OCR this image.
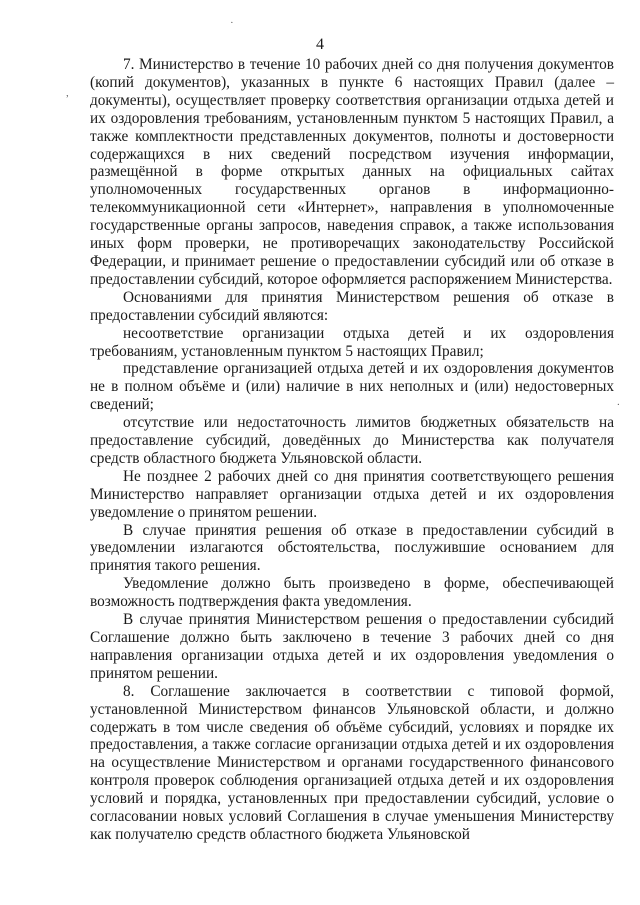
4
·
,
.

7. Министерство в течение 10 рабочих дней со дня получения документов (копий документов), указанных в пункте 6 настоящих Правил (далее – документы), осуществляет проверку соответствия организации отдыха детей и их оздоровления требованиям, установленным пунктом 5 настоящих Правил, а также комплектности представленных документов, полноты и достоверности содержащихся в них сведений посредством изучения информации, размещённой в форме открытых данных на официальных сайтах уполномоченных государственных органов в информационно-телекоммуникационной сети «Интернет», направления в уполномоченные государственные органы запросов, наведения справок, а также использования иных форм проверки, не противоречащих законодательству Российской Федерации, и принимает решение о предоставлении субсидий или об отказе в предоставлении субсидий, которое оформляется распоряжением Министерства.

Основаниями для принятия Министерством решения об отказе в предоставлении субсидий являются:

несоответствие организации отдыха детей и их оздоровления требованиям, установленным пунктом 5 настоящих Правил;

представление организацией отдыха детей и их оздоровления документов не в полном объёме и (или) наличие в них неполных и (или) недостоверных сведений;

отсутствие или недостаточность лимитов бюджетных обязательств на предоставление субсидий, доведённых до Министерства как получателя средств областного бюджета Ульяновской области.

Не позднее 2 рабочих дней со дня принятия соответствующего решения Министерство направляет организации отдыха детей и их оздоровления уведомление о принятом решении.

В случае принятия решения об отказе в предоставлении субсидий в уведомлении излагаются обстоятельства, послужившие основанием для принятия такого решения.

Уведомление должно быть произведено в форме, обеспечивающей возможность подтверждения факта уведомления.

В случае принятия Министерством решения о предоставлении субсидий Соглашение должно быть заключено в течение 3 рабочих дней со дня направления организации отдыха детей и их оздоровления уведомления о принятом решении.

8. Соглашение заключается в соответствии с типовой формой, установленной Министерством финансов Ульяновской области, и должно содержать в том числе сведения об объёме субсидий, условиях и порядке их предоставления, а также согласие организации отдыха детей и их оздоровления на осуществление Министерством и органами государственного финансового контроля проверок соблюдения организацией отдыха детей и их оздоровления условий и порядка, установленных при предоставлении субсидий, условие о согласовании новых условий Соглашения в случае уменьшения Министерству как получателю средств областного бюджета Ульяновской
